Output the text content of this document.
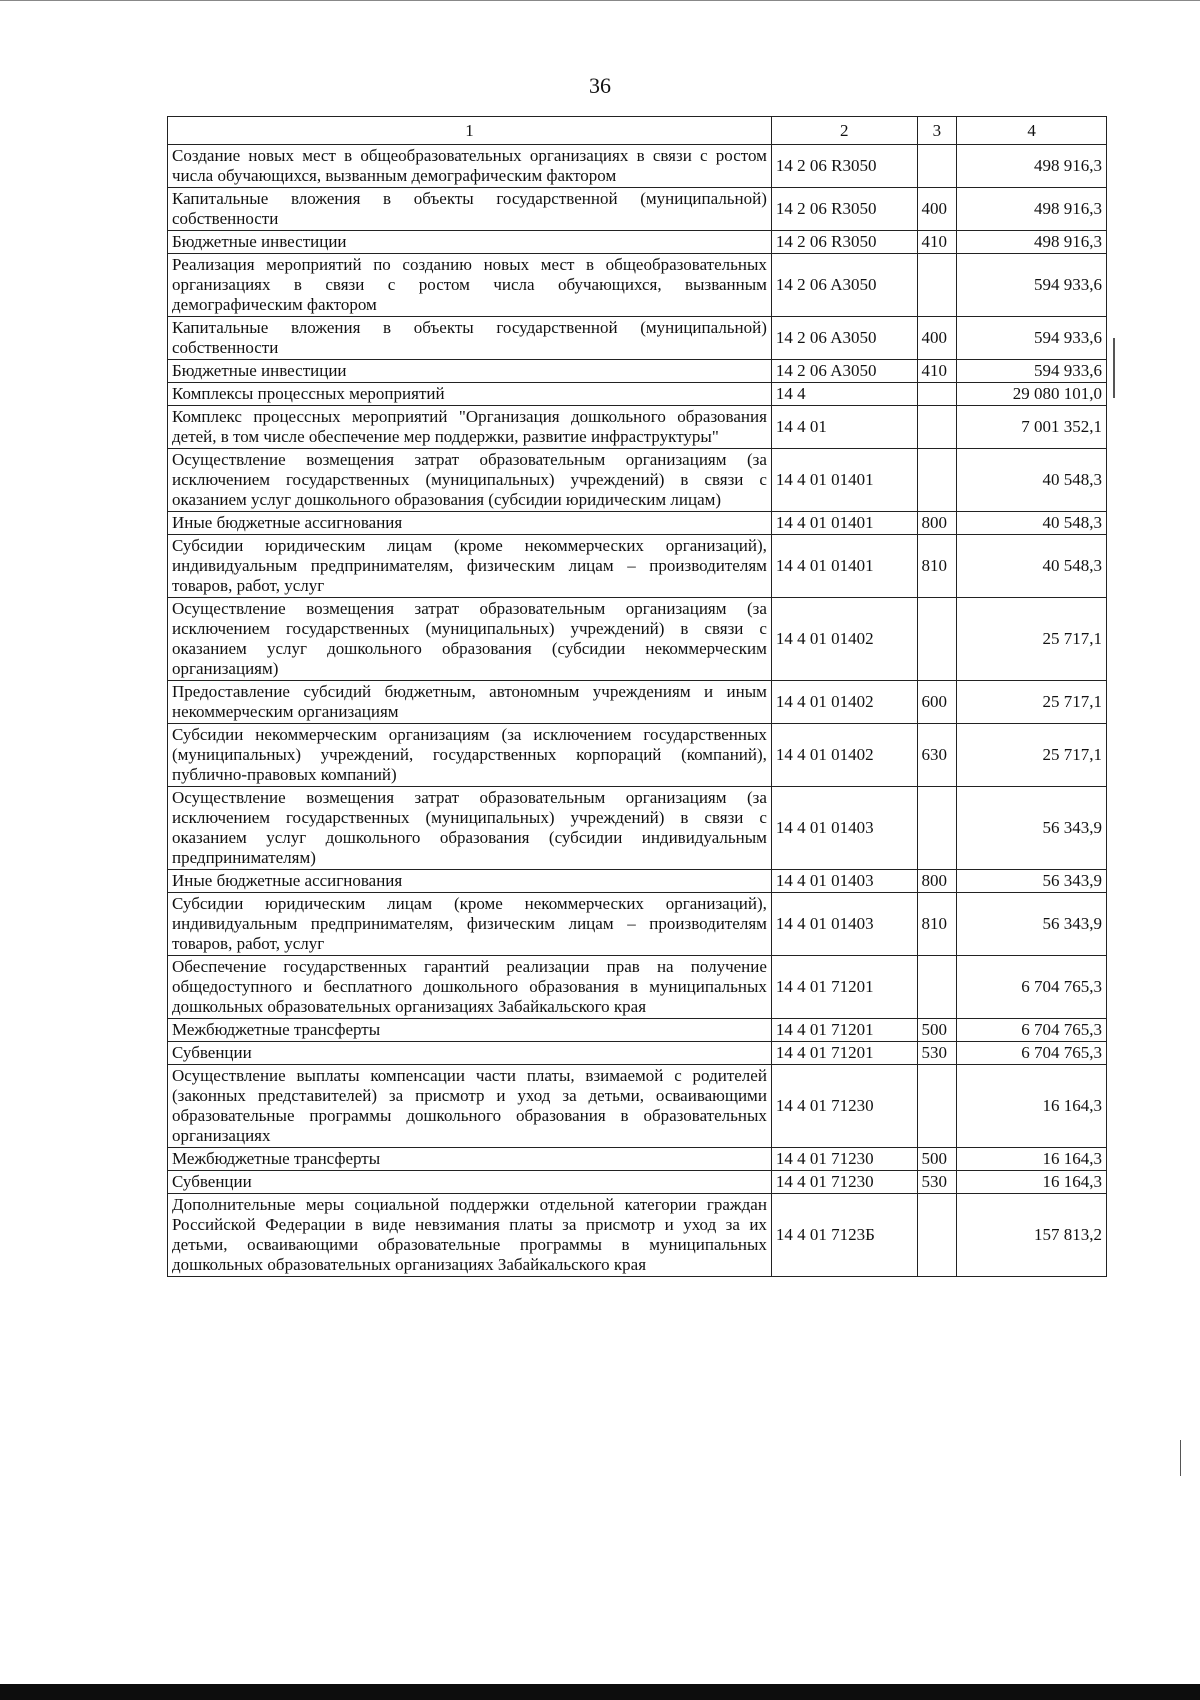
36
1	2	3	4
Создание новых мест в общеобразовательных организациях в связи с ростом числа обучающихся, вызванным демографическим фактором	14 2 06 R3050		498 916,3
Капитальные вложения в объекты государственной (муниципальной) собственности	14 2 06 R3050	400	498 916,3
Бюджетные инвестиции	14 2 06 R3050	410	498 916,3
Реализация мероприятий по созданию новых мест в общеобразовательных организациях в связи с ростом числа обучающихся, вызванным демографическим фактором	14 2 06 A3050		594 933,6
Капитальные вложения в объекты государственной (муниципальной) собственности	14 2 06 A3050	400	594 933,6
Бюджетные инвестиции	14 2 06 A3050	410	594 933,6
Комплексы процессных мероприятий	14 4		29 080 101,0
Комплекс процессных мероприятий "Организация дошкольного образования детей, в том числе обеспечение мер поддержки, развитие инфраструктуры"	14 4 01		7 001 352,1
Осуществление возмещения затрат образовательным организациям (за исключением государственных (муниципальных) учреждений) в связи с оказанием услуг дошкольного образования (субсидии юридическим лицам)	14 4 01 01401		40 548,3
Иные бюджетные ассигнования	14 4 01 01401	800	40 548,3
Субсидии юридическим лицам (кроме некоммерческих организаций), индивидуальным предпринимателям, физическим лицам – производителям товаров, работ, услуг	14 4 01 01401	810	40 548,3
Осуществление возмещения затрат образовательным организациям (за исключением государственных (муниципальных) учреждений) в связи с оказанием услуг дошкольного образования (субсидии некоммерческим организациям)	14 4 01 01402		25 717,1
Предоставление субсидий бюджетным, автономным учреждениям и иным некоммерческим организациям	14 4 01 01402	600	25 717,1
Субсидии некоммерческим организациям (за исключением государственных (муниципальных) учреждений, государственных корпораций (компаний), публично-правовых компаний)	14 4 01 01402	630	25 717,1
Осуществление возмещения затрат образовательным организациям (за исключением государственных (муниципальных) учреждений) в связи с оказанием услуг дошкольного образования (субсидии индивидуальным предпринимателям)	14 4 01 01403		56 343,9
Иные бюджетные ассигнования	14 4 01 01403	800	56 343,9
Субсидии юридическим лицам (кроме некоммерческих организаций), индивидуальным предпринимателям, физическим лицам – производителям товаров, работ, услуг	14 4 01 01403	810	56 343,9
Обеспечение государственных гарантий реализации прав на получение общедоступного и бесплатного дошкольного образования в муниципальных дошкольных образовательных организациях Забайкальского края	14 4 01 71201		6 704 765,3
Межбюджетные трансферты	14 4 01 71201	500	6 704 765,3
Субвенции	14 4 01 71201	530	6 704 765,3
Осуществление выплаты компенсации части платы, взимаемой с родителей (законных представителей) за присмотр и уход за детьми, осваивающими образовательные программы дошкольного образования в образовательных организациях	14 4 01 71230		16 164,3
Межбюджетные трансферты	14 4 01 71230	500	16 164,3
Субвенции	14 4 01 71230	530	16 164,3
Дополнительные меры социальной поддержки отдельной категории граждан Российской Федерации в виде невзимания платы за присмотр и уход за их детьми, осваивающими образовательные программы в муниципальных дошкольных образовательных организациях Забайкальского края	14 4 01 7123Б		157 813,2
